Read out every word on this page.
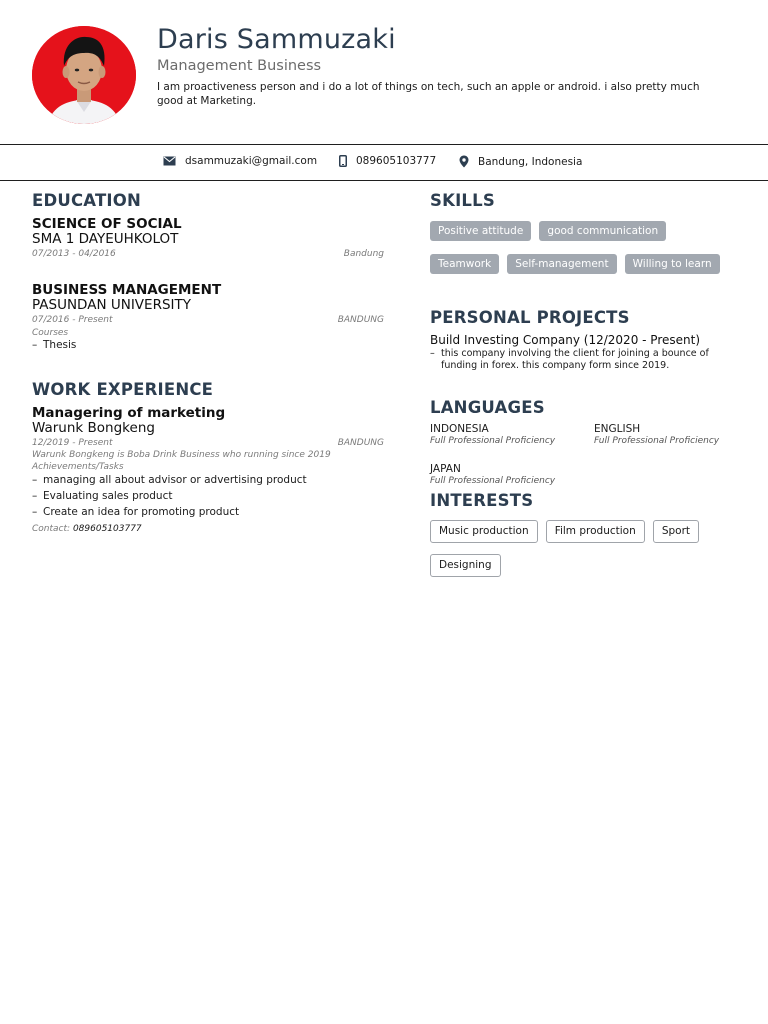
Daris Sammuzaki
Management Business
I am proactiveness person and i do a lot of things on tech, such an apple or android. i also pretty much good at Marketing.
dsammuzaki@gmail.com	089605103777	Bandung, Indonesia
EDUCATION
SCIENCE OF SOCIAL
SMA 1 DAYEUHKOLOT
07/2013 - 04/2016	Bandung
BUSINESS MANAGEMENT
PASUNDAN UNIVERSITY
07/2016 - Present	BANDUNG
Courses
– Thesis
WORK EXPERIENCE
Managering of marketing
Warunk Bongkeng
12/2019 - Present	BANDUNG
Warunk Bongkeng is Boba Drink Business who running since 2019
Achievements/Tasks
– managing all about advisor or advertising product
– Evaluating sales product
– Create an idea for promoting product
Contact: 089605103777
SKILLS
Positive attitude good communication
Teamwork Self-management Willing to learn
PERSONAL PROJECTS
Build Investing Company (12/2020 - Present)
– this company involving the client for joining a bounce of
funding in forex. this company form since 2019.
LANGUAGES
INDONESIA
Full Professional Proficiency
ENGLISH
Full Professional Proficiency
JAPAN
Full Professional Proficiency
INTERESTS
Music production Film production Sport
Designing
